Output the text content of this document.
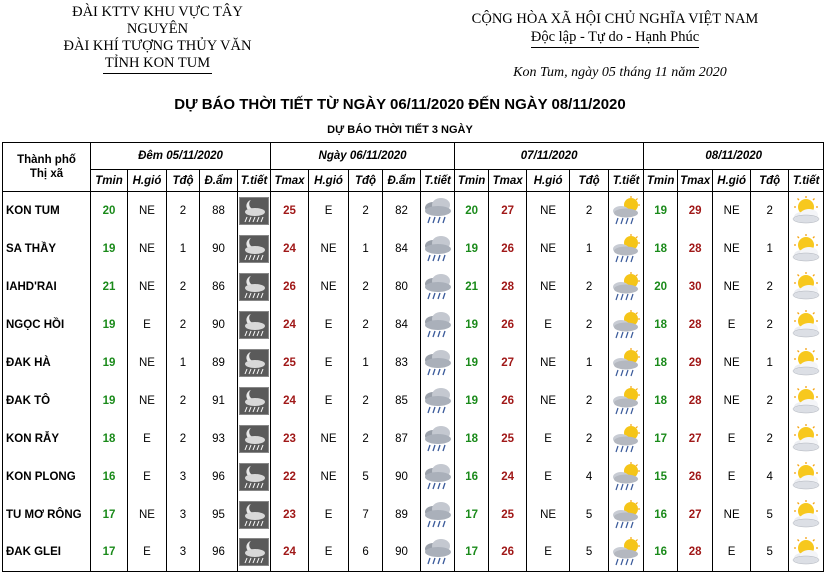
ĐÀI KTTV KHU VỰC TÂY NGUYÊN
ĐÀI KHÍ TƯỢNG THỦY VĂN
TỈNH KON TUM
CỘNG HÒA XÃ HỘI CHỦ NGHĨA VIỆT NAM
Độc lập - Tự do - Hạnh Phúc
Kon Tum, ngày 05 tháng 11 năm 2020
DỰ BÁO THỜI TIẾT TỪ NGÀY 06/11/2020 ĐẾN NGÀY 08/11/2020
DỰ BÁO THỜI TIẾT 3 NGÀY
Thành phố
Thị xã	Đêm 05/11/2020					Ngày 06/11/2020					07/11/2020					08/11/2020				
	Tmin	H.gió	Tđộ	Đ.ẩm	T.tiết	Tmax	H.gió	Tđộ	Đ.ẩm	T.tiết	Tmin	Tmax	H.gió	Tđộ	T.tiết	Tmin	Tmax	H.gió	Tđộ	T.tiết
KON TUM	20	NE	2	88		25	E	2	82		20	27	NE	2		19	29	NE	2	

SA THẦY	19	NE	1	90		24	NE	1	84		19	26	NE	1		18	28	NE	1	

IAHD'RAI	21	NE	2	86		26	NE	2	80		21	28	NE	2		20	30	NE	2	

NGỌC HỒI	19	E	2	90		24	E	2	84		19	26	E	2		18	28	E	2	

ĐAK HÀ	19	NE	1	89		25	E	1	83		19	27	NE	1		18	29	NE	1	

ĐAK TÔ	19	NE	2	91		24	E	2	85		19	26	NE	2		18	28	NE	2	

KON RẪY	18	E	2	93		23	NE	2	87		18	25	E	2		17	27	E	2	

KON PLONG	16	E	3	96		22	NE	5	90		16	24	E	4		15	26	E	4	

TU MƠ RÔNG	17	NE	3	95		23	E	7	89		17	25	NE	5		16	27	NE	5	

ĐAK GLEI	17	E	3	96		24	E	6	90		17	26	E	5		16	28	E	5	
